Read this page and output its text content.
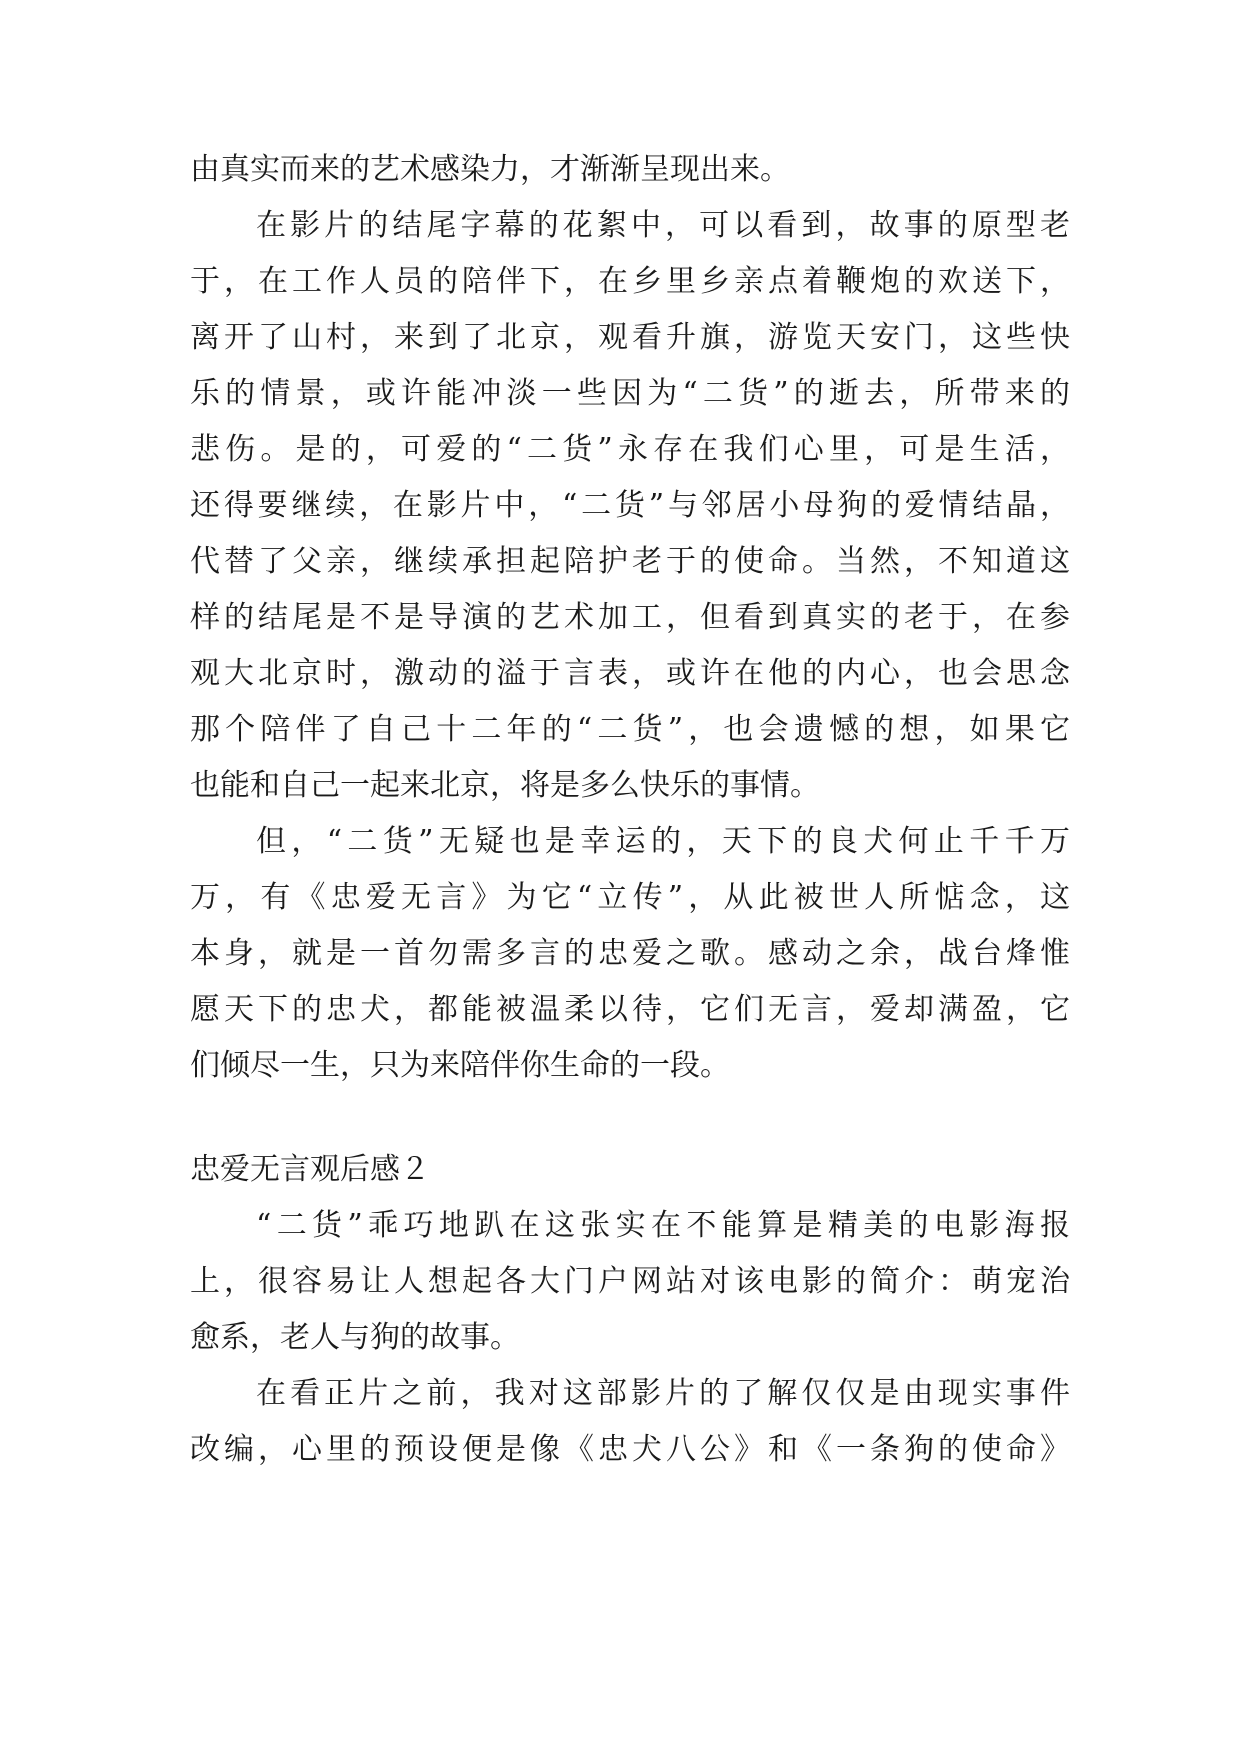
由真实而来的艺术感染力，才渐渐呈现出来。
在影片的结尾字幕的花絮中，可以看到，故事的原型老
于，在工作人员的陪伴下，在乡里乡亲点着鞭炮的欢送下，
离开了山村，来到了北京，观看升旗，游览天安门，这些快
乐的情景，或许能冲淡一些因为“二货”的逝去，所带来的
悲伤。是的，可爱的“二货”永存在我们心里，可是生活，
还得要继续，在影片中，“二货”与邻居小母狗的爱情结晶，
代替了父亲，继续承担起陪护老于的使命。当然，不知道这
样的结尾是不是导演的艺术加工，但看到真实的老于，在参
观大北京时，激动的溢于言表，或许在他的内心，也会思念
那个陪伴了自己十二年的“二货”，也会遗憾的想，如果它
也能和自己一起来北京，将是多么快乐的事情。
但，“二货”无疑也是幸运的，天下的良犬何止千千万
万，有《忠爱无言》为它“立传”，从此被世人所惦念，这
本身，就是一首勿需多言的忠爱之歌。感动之余，战台烽惟
愿天下的忠犬，都能被温柔以待，它们无言，爱却满盈，它
们倾尽一生，只为来陪伴你生命的一段。
忠爱无言观后感２
“二货”乖巧地趴在这张实在不能算是精美的电影海报
上，很容易让人想起各大门户网站对该电影的简介：萌宠治
愈系，老人与狗的故事。
在看正片之前，我对这部影片的了解仅仅是由现实事件
改编，心里的预设便是像《忠犬八公》和《一条狗的使命》
